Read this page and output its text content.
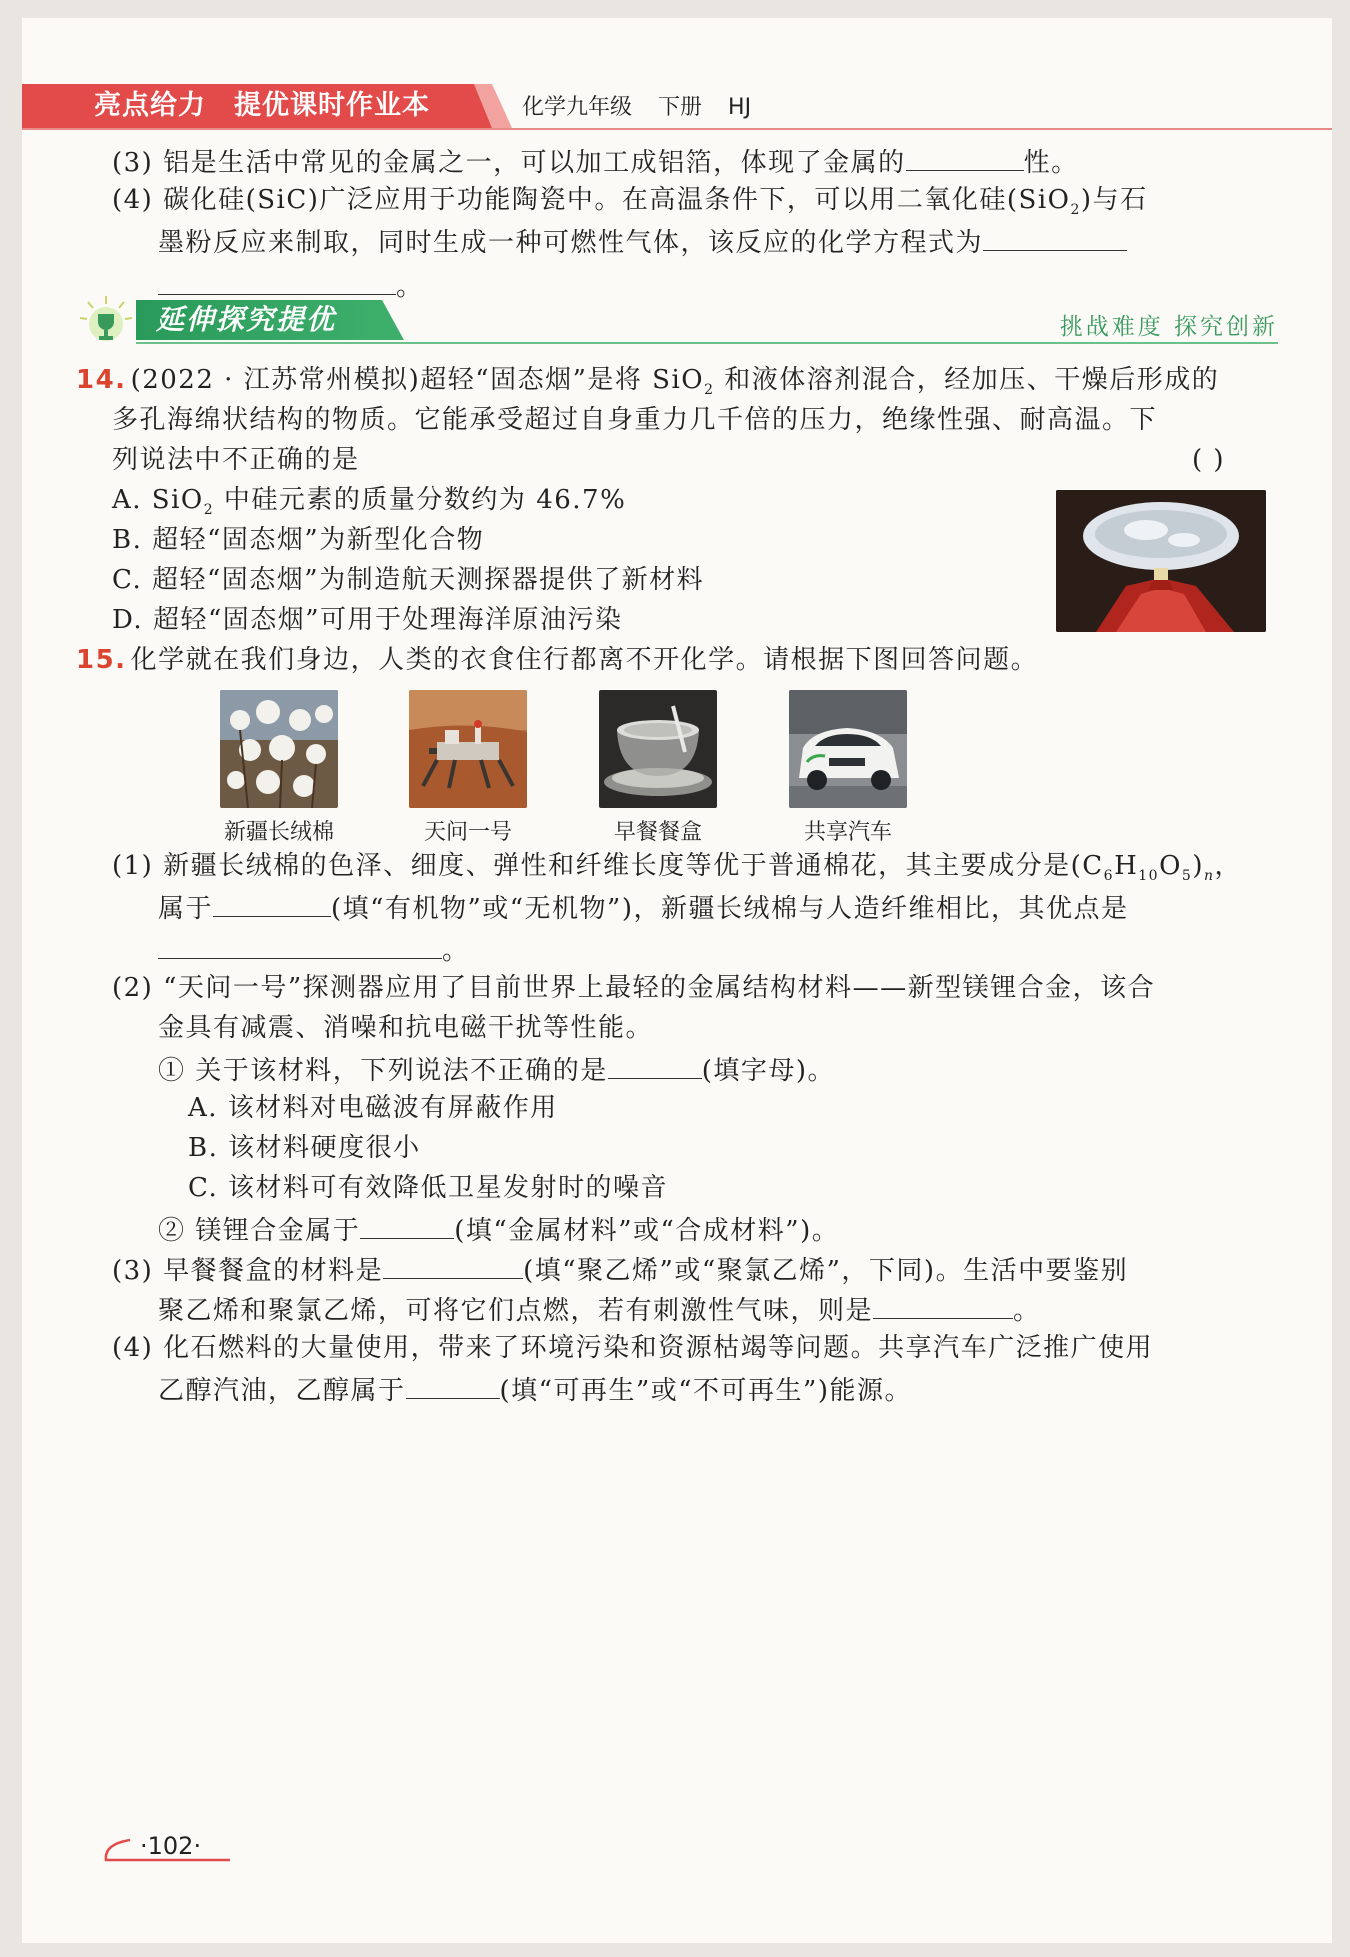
亮点给力 提优课时作业本	化学九年级 下册 HJ
(3) 铝是生活中常见的金属之一，可以加工成铝箔，体现了金属的	性。
(4) 碳化硅(SiC)广泛应用于功能陶瓷中。在高温条件下，可以用二氧化硅(SiO$_2$)与石
墨粉反应来制取，同时生成一种可燃性气体，该反应的化学方程式为
。
延伸探究提优	挑战难度 探究创新
14. (2022 · 江苏常州模拟)超轻“固态烟”是将 SiO$_2$ 和液体溶剂混合，经加压、干燥后形成的
多孔海绵状结构的物质。它能承受超过自身重力几千倍的压力，绝缘性强、耐高温。下
列说法中不正确的是	( )
A. SiO$_2$ 中硅元素的质量分数约为 46.7%
B. 超轻“固态烟”为新型化合物
C. 超轻“固态烟”为制造航天测探器提供了新材料
D. 超轻“固态烟”可用于处理海洋原油污染
15. 化学就在我们身边，人类的衣食住行都离不开化学。请根据下图回答问题。
新疆长绒棉	天问一号	早餐餐盒	共享汽车
(1) 新疆长绒棉的色泽、细度、弹性和纤维长度等优于普通棉花，其主要成分是$(C_6H_{10}O_5)_n$，
属于	(填“有机物”或“无机物”)，新疆长绒棉与人造纤维相比，其优点是
。
(2) “天问一号”探测器应用了目前世界上最轻的金属结构材料——新型镁锂合金，该合
金具有减震、消噪和抗电磁干扰等性能。
① 关于该材料，下列说法不正确的是	(填字母)。
A. 该材料对电磁波有屏蔽作用
B. 该材料硬度很小
C. 该材料可有效降低卫星发射时的噪音
② 镁锂合金属于	(填“金属材料”或“合成材料”)。
(3) 早餐餐盒的材料是	(填“聚乙烯”或“聚氯乙烯”，下同)。生活中要鉴别
聚乙烯和聚氯乙烯，可将它们点燃，若有刺激性气味，则是	。
(4) 化石燃料的大量使用，带来了环境污染和资源枯竭等问题。共享汽车广泛推广使用
乙醇汽油，乙醇属于	(填“可再生”或“不可再生”)能源。
·102·
